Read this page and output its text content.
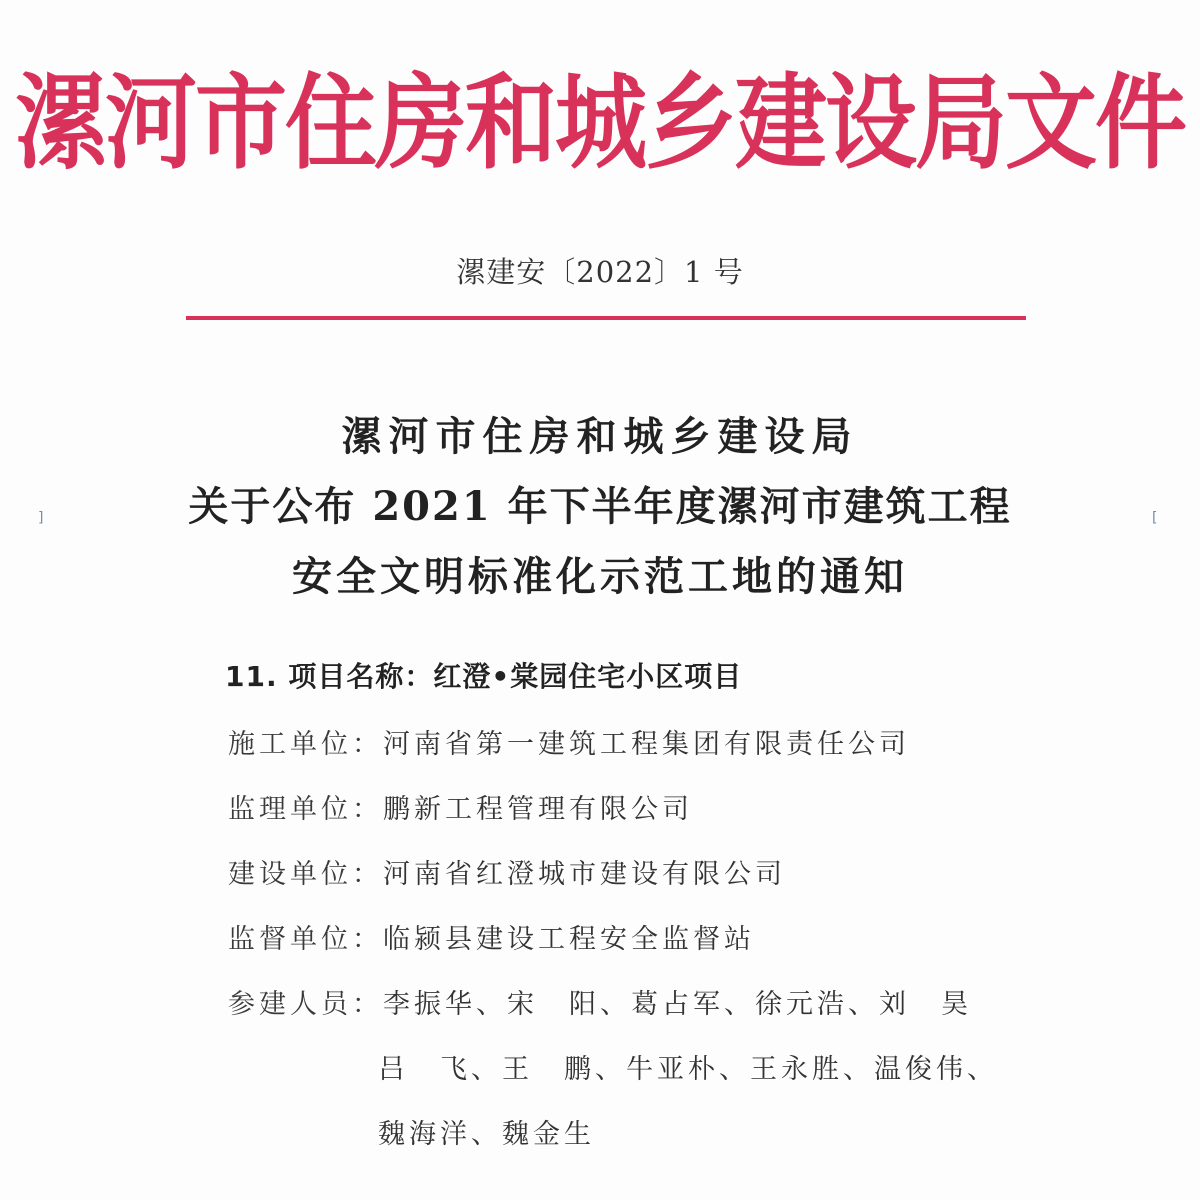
漯河市住房和城乡建设局文件
漯建安〔2022〕1 号
漯河市住房和城乡建设局
关于公布 2021 年下半年度漯河市建筑工程
安全文明标准化示范工地的通知
]	[
11. 项目名称：红澄•棠园住宅小区项目
施工单位：河南省第一建筑工程集团有限责任公司
监理单位：鹏新工程管理有限公司
建设单位：河南省红澄城市建设有限公司
监督单位：临颍县建设工程安全监督站
参建人员：李振华、宋　阳、葛占军、徐元浩、刘　昊
吕　飞、王　鹏、牛亚朴、王永胜、温俊伟、
魏海洋、魏金生
